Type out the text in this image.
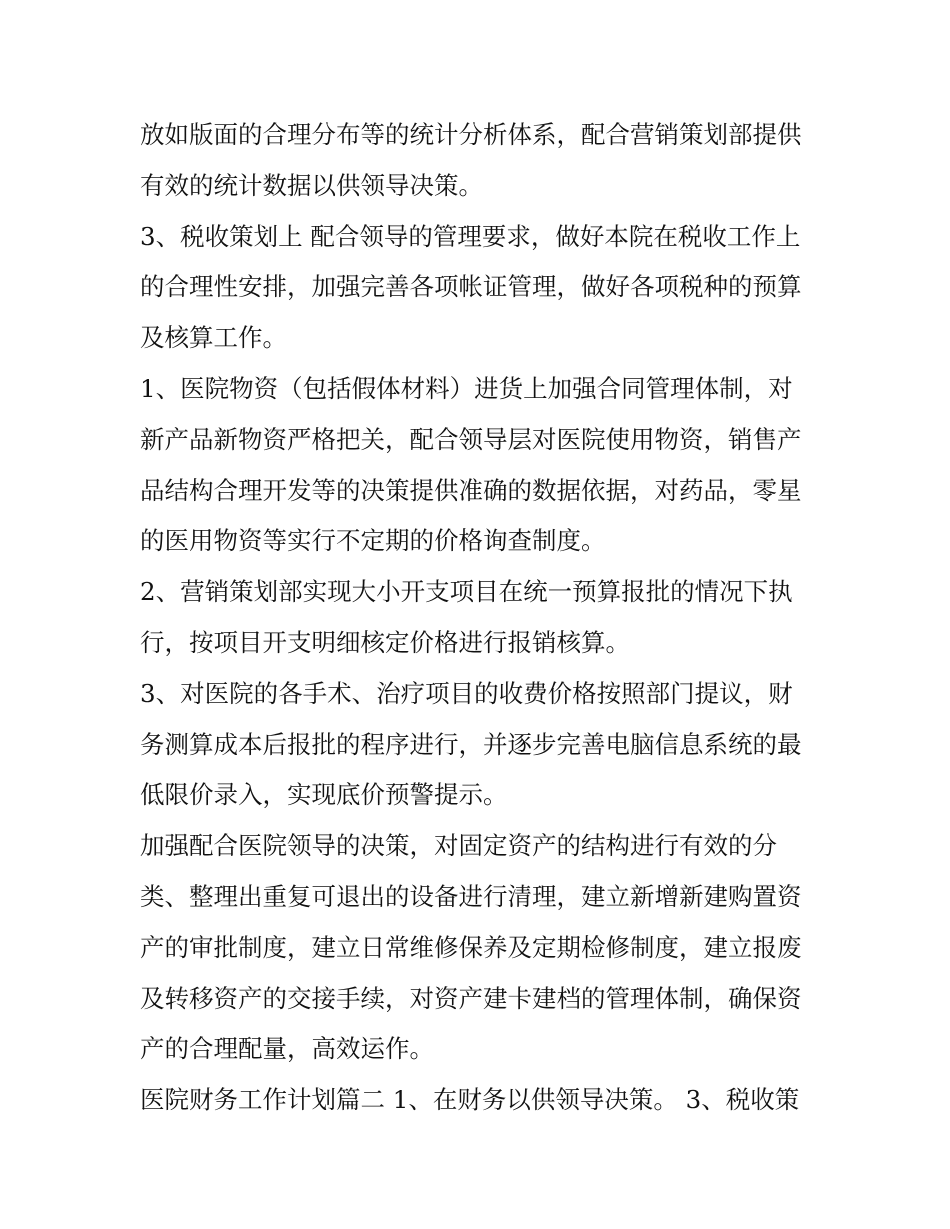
放如版面的合理分布等的统计分析体系，配合营销策划部提供
有效的统计数据以供领导决策。
3、税收策划上 配合领导的管理要求，做好本院在税收工作上
的合理性安排，加强完善各项帐证管理，做好各项税种的预算
及核算工作。
1、医院物资（包括假体材料）进货上加强合同管理体制，对
新产品新物资严格把关，配合领导层对医院使用物资，销售产
品结构合理开发等的决策提供准确的数据依据，对药品，零星
的医用物资等实行不定期的价格询查制度。
2、营销策划部实现大小开支项目在统一预算报批的情况下执
行，按项目开支明细核定价格进行报销核算。
3、对医院的各手术、治疗项目的收费价格按照部门提议，财
务测算成本后报批的程序进行，并逐步完善电脑信息系统的最
低限价录入，实现底价预警提示。
加强配合医院领导的决策，对固定资产的结构进行有效的分
类、整理出重复可退出的设备进行清理，建立新增新建购置资
产的审批制度，建立日常维修保养及定期检修制度，建立报废
及转移资产的交接手续，对资产建卡建档的管理体制，确保资
产的合理配量，高效运作。
医院财务工作计划篇二 1、在财务以供领导决策。 3、税收策
